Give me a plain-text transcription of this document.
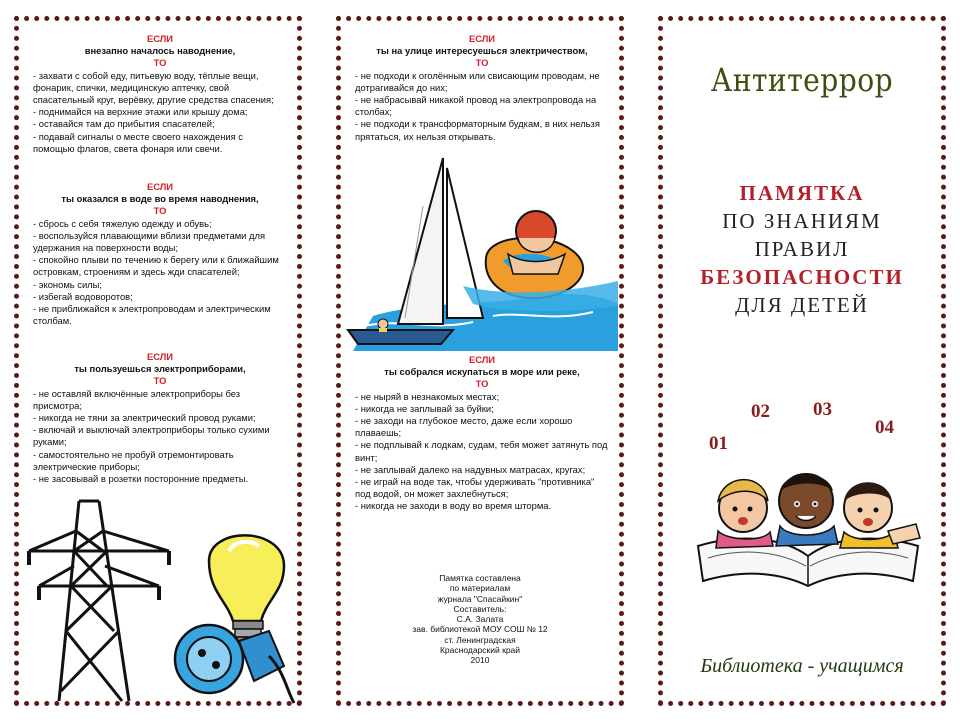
ЕСЛИ
внезапно началось наводнение,
ТО
- захвати с собой еду, питьевую воду, тёплые вещи, фонарик, спички, медицинскую аптечку, свой спасательный круг, верёвку, другие средства спасения;
- поднимайся на верхние этажи или крышу дома;
- оставайся там до прибытия спасателей;
- подавай сигналы о месте своего нахождения с помощью флагов, света фонаря или свечи.
ЕСЛИ
ты оказался в воде во время наводнения,
ТО
- сбрось с себя тяжелую одежду и обувь;
- воспользуйся плавающими вблизи предметами для удержания на поверхности воды;
- спокойно плыви по течению к берегу или к ближайшим островкам, строениям и здесь жди спасателей;
- экономь силы;
- избегай водоворотов;
- не приближайся к электропроводам и электрическим столбам.
ЕСЛИ
ты пользуешься электроприборами,
ТО
- не оставляй включённые электроприборы без присмотра;
- никогда не тяни за электрический провод руками;
- включай и выключай электроприборы только сухими руками;
- самостоятельно не пробуй отремонтировать электрические приборы;
- не засовывай в розетки посторонние предметы.
ЕСЛИ
ты на улице интересуешься электричеством,
ТО
- не подходи к оголённым или свисающим проводам, не дотрагивайся до них;
- не набрасывай никакой провод на электропровода на столбах;
- не подходи к трансформаторным будкам, в них нельзя прятаться, их нельзя открывать.
ЕСЛИ
ты собрался искупаться в море или реке,
ТО
- не ныряй в незнакомых местах;
- никогда не заплывай за буйки;
- не заходи на глубокое место, даже если хорошо плаваешь;
- не подплывай к лодкам, судам, тебя может затянуть под винт;
- не заплывай далеко на надувных матрасах, кругах;
- не играй на воде так, чтобы удерживать "противника" под водой, он может захлебнуться;
- никогда не заходи в воду во время шторма.
Памятка составлена
по материалам
журнала "Спасайкин"
Составитель:
С.А. Залата
зав. библиотекой МОУ СОШ № 12
ст. Ленинградская
Краснодарский край
2010
Антитеррор
ПАМЯТКА
ПО ЗНАНИЯМ
ПРАВИЛ
БЕЗОПАСНОСТИ
ДЛЯ ДЕТЕЙ
01
02 03
04
Библиотека - учащимся
